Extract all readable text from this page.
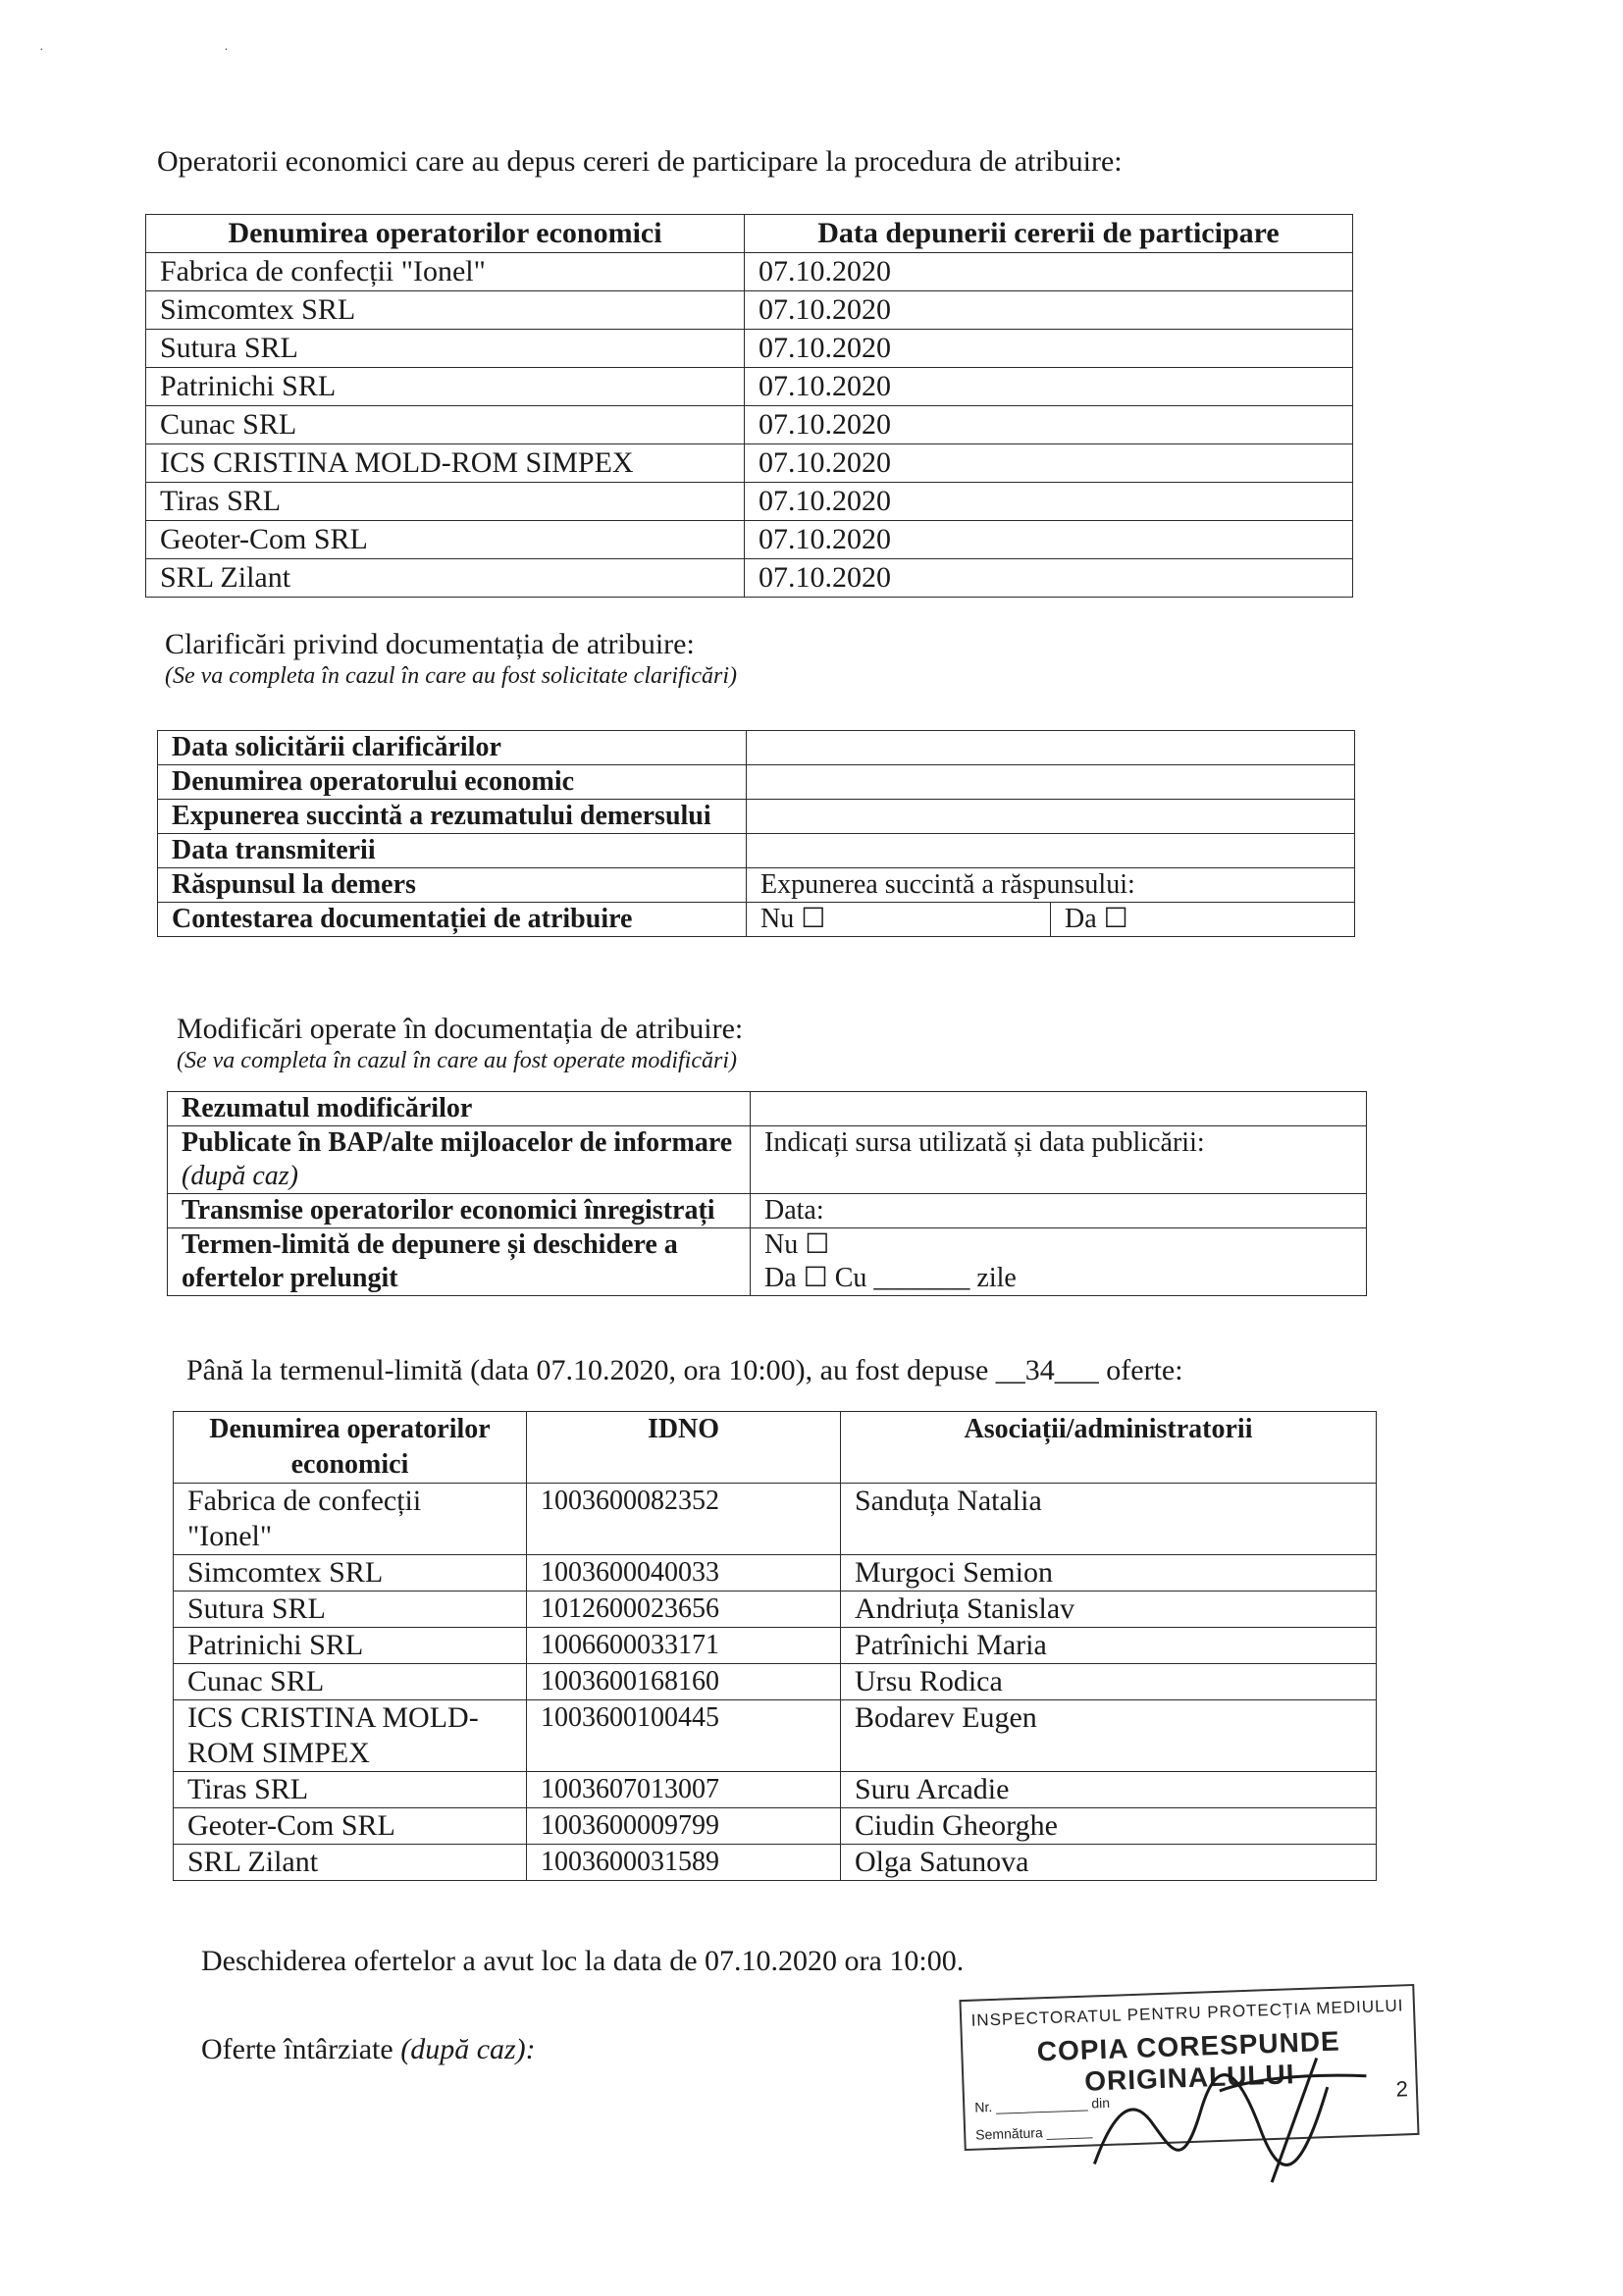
· ·
Operatorii economici care au depus cereri de participare la procedura de atribuire:
Denumirea operatorilor economici	Data depunerii cererii de participare
Fabrica de confecții "Ionel"	07.10.2020
Simcomtex SRL	07.10.2020
Sutura SRL	07.10.2020
Patrinichi SRL	07.10.2020
Cunac SRL	07.10.2020
ICS CRISTINA MOLD-ROM SIMPEX	07.10.2020
Tiras SRL	07.10.2020
Geoter-Com SRL	07.10.2020
SRL Zilant	07.10.2020
Clarificări privind documentația de atribuire:
(Se va completa în cazul în care au fost solicitate clarificări)
Data solicitării clarificărilor		
Denumirea operatorului economic		
Expunerea succintă a rezumatului demersului		
Data transmiterii		
Răspunsul la demers	Expunerea succintă a răspunsului:	
Contestarea documentației de atribuire	Nu ☐	Da ☐
Modificări operate în documentația de atribuire:
(Se va completa în cazul în care au fost operate modificări)
Rezumatul modificărilor	
Publicate în BAP/alte mijloacelor de informare (după caz)	Indicați sursa utilizată și data publicării:
Transmise operatorilor economici înregistrați	Data:
Termen-limită de depunere și deschidere a ofertelor prelungit	Nu ☐
Da ☐ Cu _______ zile
Până la termenul-limită (data 07.10.2020, ora 10:00), au fost depuse __34___ oferte:
Denumirea operatorilor economici	IDNO	Asociații/administratorii
Fabrica de confecții "Ionel"	1003600082352	Sanduța Natalia
Simcomtex SRL	1003600040033	Murgoci Semion
Sutura SRL	1012600023656	Andriuța Stanislav
Patrinichi SRL	1006600033171	Patrînichi Maria
Cunac SRL	1003600168160	Ursu Rodica
ICS CRISTINA MOLD-ROM SIMPEX	1003600100445	Bodarev Eugen
Tiras SRL	1003607013007	Suru Arcadie
Geoter-Com SRL	1003600009799	Ciudin Gheorghe
SRL Zilant	1003600031589	Olga Satunova
Deschiderea ofertelor a avut loc la data de 07.10.2020 ora 10:00.
Oferte întârziate (după caz):
INSPECTORATUL PENTRU PROTECȚIA MEDIULUI
COPIA CORESPUNDE ORIGINALULUI
Nr. ____________ din
Semnătura ______
2
